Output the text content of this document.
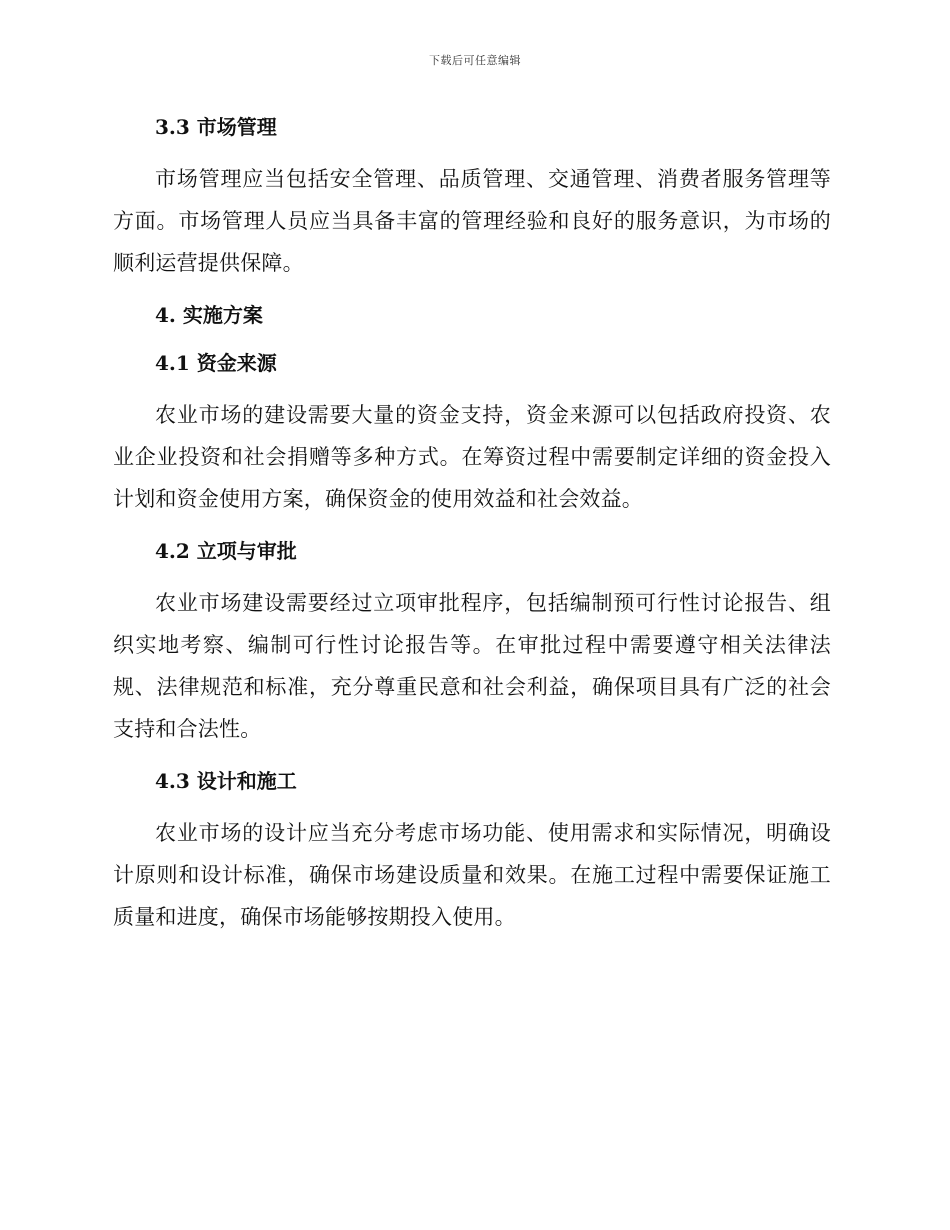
下载后可任意编辑
3.3 市场管理
市场管理应当包括安全管理、品质管理、交通管理、消费者服务管理等方面。市场管理人员应当具备丰富的管理经验和良好的服务意识，为市场的顺利运营提供保障。
4. 实施方案
4.1 资金来源
农业市场的建设需要大量的资金支持，资金来源可以包括政府投资、农业企业投资和社会捐赠等多种方式。在筹资过程中需要制定详细的资金投入计划和资金使用方案，确保资金的使用效益和社会效益。
4.2 立项与审批
农业市场建设需要经过立项审批程序，包括编制预可行性讨论报告、组织实地考察、编制可行性讨论报告等。在审批过程中需要遵守相关法律法规、法律规范和标准，充分尊重民意和社会利益，确保项目具有广泛的社会支持和合法性。
4.3 设计和施工
农业市场的设计应当充分考虑市场功能、使用需求和实际情况，明确设计原则和设计标准，确保市场建设质量和效果。在施工过程中需要保证施工质量和进度，确保市场能够按期投入使用。
